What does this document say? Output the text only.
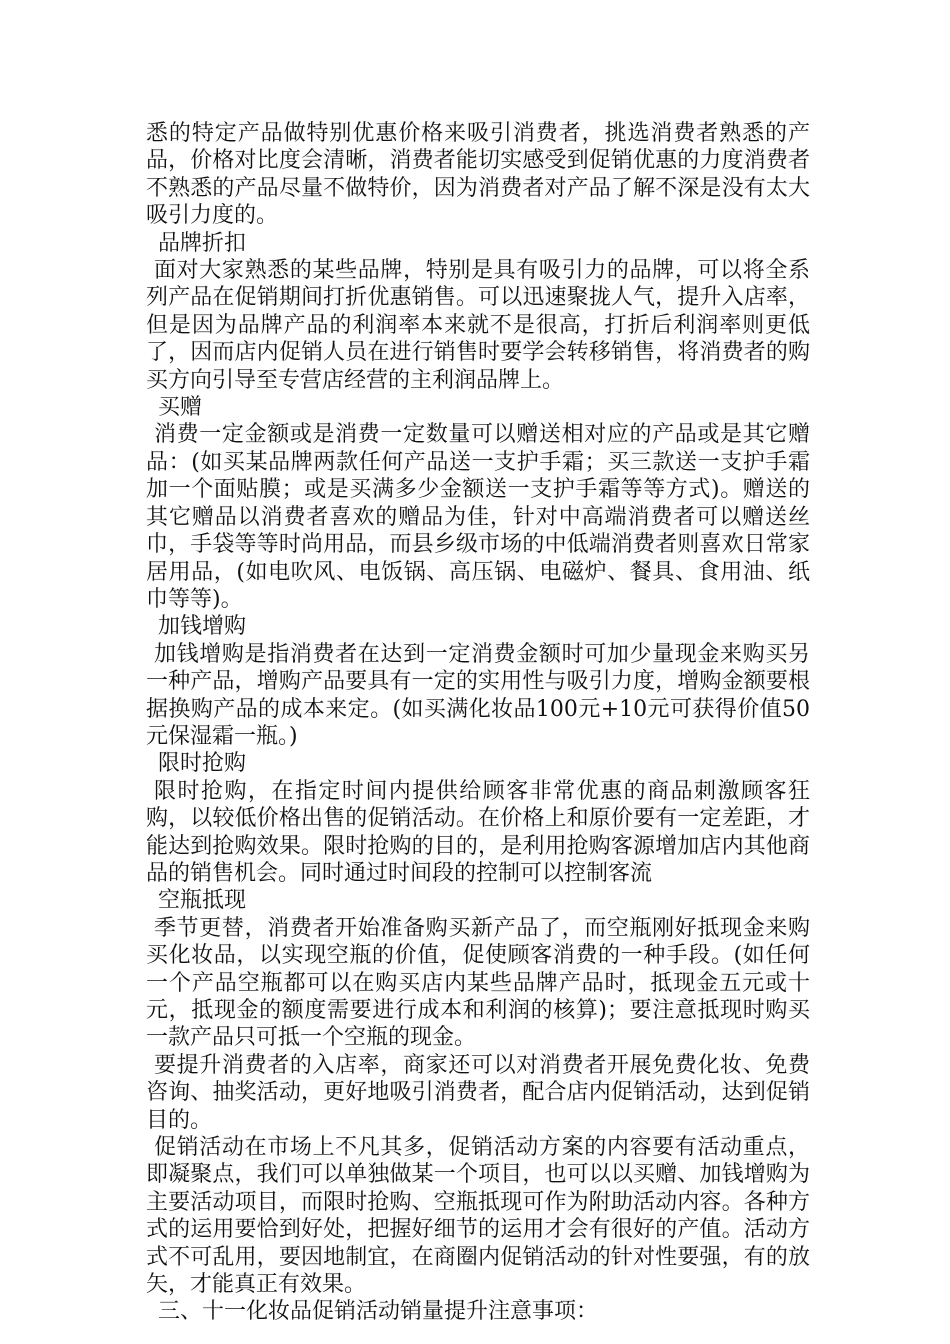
悉的特定产品做特别优惠价格来吸引消费者，挑选消费者熟悉的产品，价格对比度会清晰，消费者能切实感受到促销优惠的力度消费者不熟悉的产品尽量不做特价，因为消费者对产品了解不深是没有太大吸引力度的。

品牌折扣

面对大家熟悉的某些品牌，特别是具有吸引力的品牌，可以将全系列产品在促销期间打折优惠销售。可以迅速聚拢人气，提升入店率，但是因为品牌产品的利润率本来就不是很高，打折后利润率则更低了，因而店内促销人员在进行销售时要学会转移销售，将消费者的购买方向引导至专营店经营的主利润品牌上。

买赠

消费一定金额或是消费一定数量可以赠送相对应的产品或是其它赠品：(如买某品牌两款任何产品送一支护手霜；买三款送一支护手霜加一个面贴膜；或是买满多少金额送一支护手霜等等方式)。赠送的其它赠品以消费者喜欢的赠品为佳，针对中高端消费者可以赠送丝巾，手袋等等时尚用品，而县乡级市场的中低端消费者则喜欢日常家居用品，(如电吹风、电饭锅、高压锅、电磁炉、餐具、食用油、纸巾等等)。

加钱增购

加钱增购是指消费者在达到一定消费金额时可加少量现金来购买另一种产品，增购产品要具有一定的实用性与吸引力度，增购金额要根据换购产品的成本来定。(如买满化妆品100元+10元可获得价值50元保湿霜一瓶。)

限时抢购

限时抢购，在指定时间内提供给顾客非常优惠的商品刺激顾客狂购，以较低价格出售的促销活动。在价格上和原价要有一定差距，才能达到抢购效果。限时抢购的目的，是利用抢购客源增加店内其他商品的销售机会。同时通过时间段的控制可以控制客流

空瓶抵现

季节更替，消费者开始准备购买新产品了，而空瓶刚好抵现金来购买化妆品，以实现空瓶的价值，促使顾客消费的一种手段。(如任何一个产品空瓶都可以在购买店内某些品牌产品时，抵现金五元或十元，抵现金的额度需要进行成本和利润的核算)；要注意抵现时购买一款产品只可抵一个空瓶的现金。

要提升消费者的入店率，商家还可以对消费者开展免费化妆、免费咨询、抽奖活动，更好地吸引消费者，配合店内促销活动，达到促销目的。

促销活动在市场上不凡其多，促销活动方案的内容要有活动重点，即凝聚点，我们可以单独做某一个项目，也可以以买赠、加钱增购为主要活动项目，而限时抢购、空瓶抵现可作为附助活动内容。各种方式的运用要恰到好处，把握好细节的运用才会有很好的产值。活动方式不可乱用，要因地制宜，在商圈内促销活动的针对性要强，有的放矢，才能真正有效果。

三、十一化妆品促销活动销量提升注意事项：
